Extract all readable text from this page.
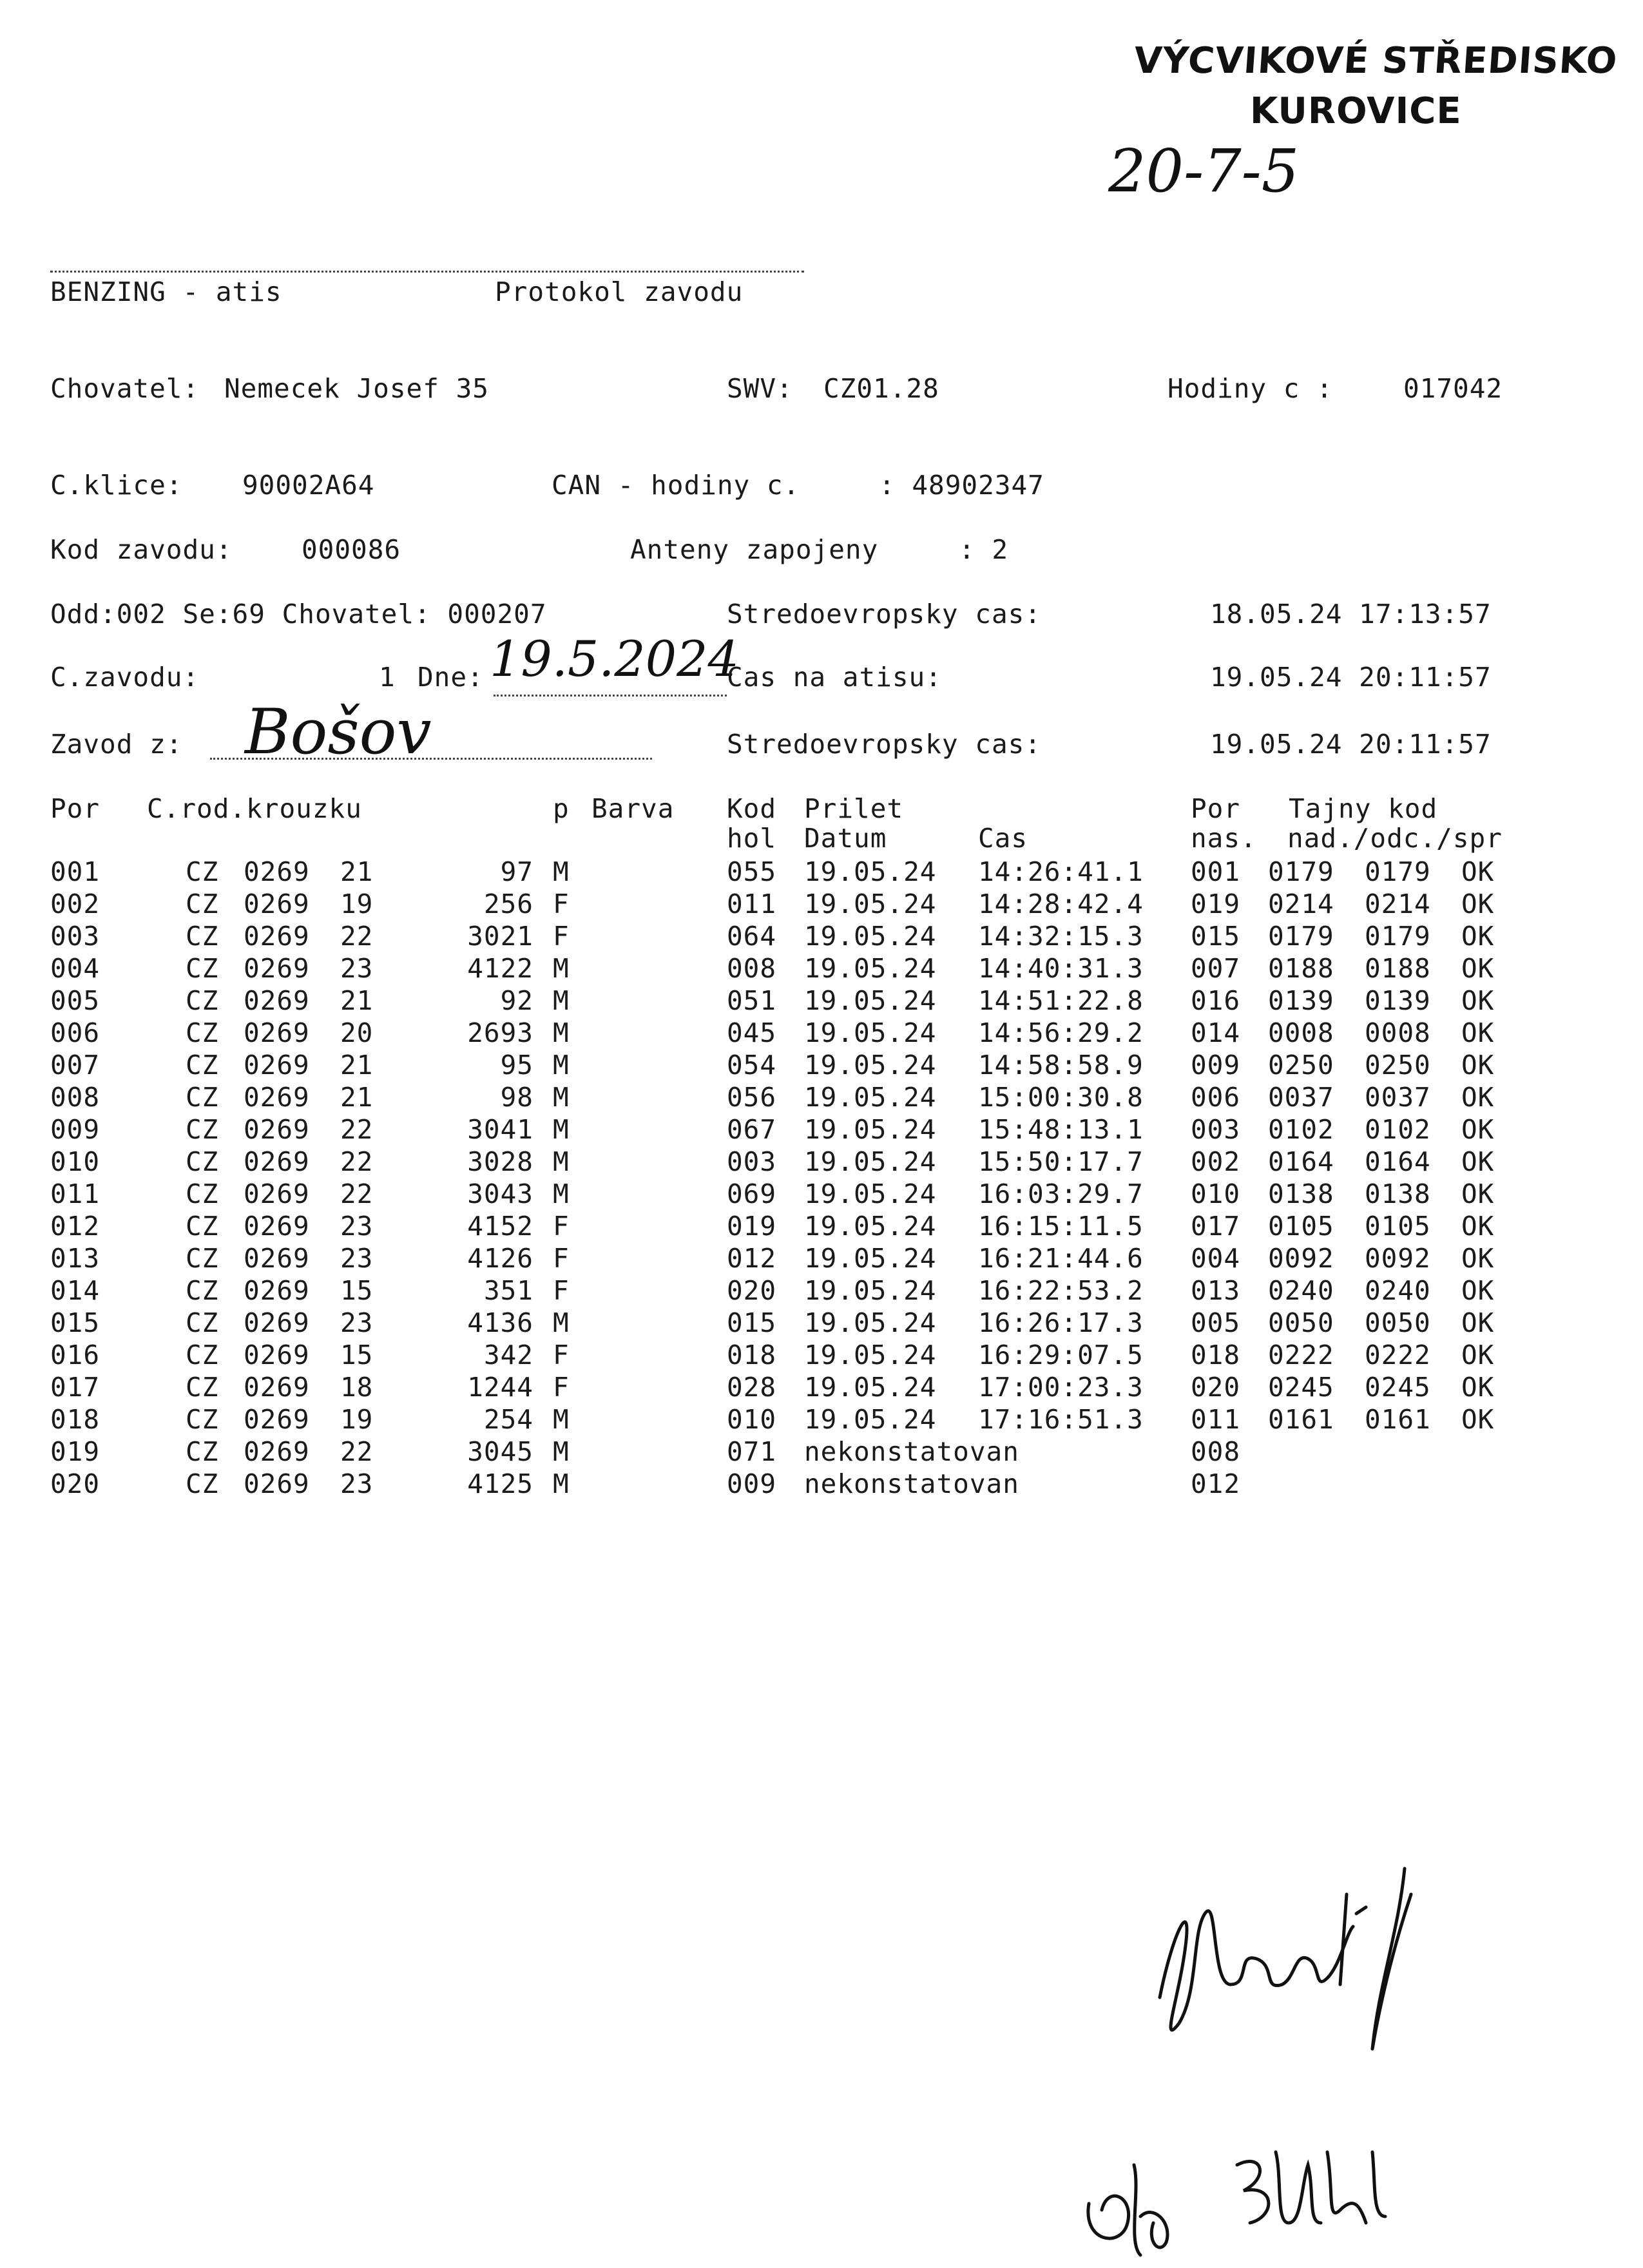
VÝCVIKOVÉ STŘEDISKO
KUROVICE
20-7-5
BENZING - atis	Protokol zavodu
Chovatel: Nemecek Josef 35	SWV: CZ01.28	Hodiny c :	017042
C.klice: 90002A64	CAN - hodiny c.	: 48902347
Kod zavodu:	000086	Anteny zapojeny	: 2
Odd:002 Se:69 Chovatel: 000207	Stredoevropsky cas:	18.05.24 17:13:57
C.zavodu:	1 Dne: 19.5.2024
Cas na atisu:	19.05.24 20:11:57
Zavod z: Bošov	Stredoevropsky cas:	19.05.24 20:11:57
Por C.rod.krouzku	p Barva Kod Prilet	Por Tajny kod
hol Datum	Cas	nas. nad./odc./spr
001	CZ 0269 21	97 M	055 19.05.24 14:26:41.1 001 0179 0179 OK
002	CZ 0269 19	256 F	011 19.05.24 14:28:42.4 019 0214 0214 OK
003	CZ 0269 22	3021 F	064 19.05.24 14:32:15.3 015 0179 0179 OK
004	CZ 0269 23	4122 M	008 19.05.24 14:40:31.3 007 0188 0188 OK
005	CZ 0269 21	92 M	051 19.05.24 14:51:22.8 016 0139 0139 OK
006	CZ 0269 20	2693 M	045 19.05.24 14:56:29.2 014 0008 0008 OK
007	CZ 0269 21	95 M	054 19.05.24 14:58:58.9 009 0250 0250 OK
008	CZ 0269 21	98 M	056 19.05.24 15:00:30.8 006 0037 0037 OK
009	CZ 0269 22	3041 M	067 19.05.24 15:48:13.1 003 0102 0102 OK
010	CZ 0269 22	3028 M	003 19.05.24 15:50:17.7 002 0164 0164 OK
011	CZ 0269 22	3043 M	069 19.05.24 16:03:29.7 010 0138 0138 OK
012	CZ 0269 23	4152 F	019 19.05.24 16:15:11.5 017 0105 0105 OK
013	CZ 0269 23	4126 F	012 19.05.24 16:21:44.6 004 0092 0092 OK
014	CZ 0269 15	351 F	020 19.05.24 16:22:53.2 013 0240 0240 OK
015	CZ 0269 23	4136 M	015 19.05.24 16:26:17.3 005 0050 0050 OK
016	CZ 0269 15	342 F	018 19.05.24 16:29:07.5 018 0222 0222 OK
017	CZ 0269 18	1244 F	028 19.05.24 17:00:23.3 020 0245 0245 OK
018	CZ 0269 19	254 M	010 19.05.24 17:16:51.3 011 0161 0161 OK
019	CZ 0269 22	3045 M	071 nekonstatovan	008
020	CZ 0269 23	4125 M	009 nekonstatovan	012
